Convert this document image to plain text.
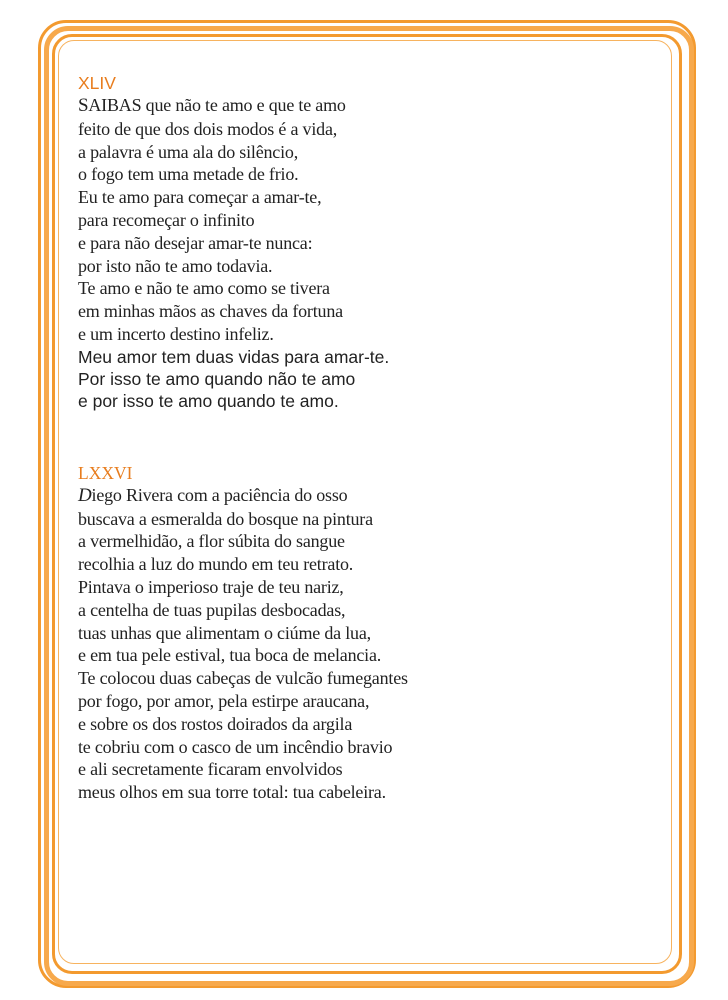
XLIV
SAIBAS que não te amo e que te amo
feito de que dos dois modos é a vida,
a palavra é uma ala do silêncio,
o fogo tem uma metade de frio.
Eu te amo para começar a amar-te,
para recomeçar o infinito
e para não desejar amar-te nunca:
por isto não te amo todavia.
Te amo e não te amo como se tivera
em minhas mãos as chaves da fortuna
e um incerto destino infeliz.
Meu amor tem duas vidas para amar-te.
Por isso te amo quando não te amo
e por isso te amo quando te amo.
LXXVI
Diego Rivera com a paciência do osso
buscava a esmeralda do bosque na pintura
a vermelhidão, a flor súbita do sangue
recolhia a luz do mundo em teu retrato.
Pintava o imperioso traje de teu nariz,
a centelha de tuas pupilas desbocadas,
tuas unhas que alimentam o ciúme da lua,
e em tua pele estival, tua boca de melancia.
Te colocou duas cabeças de vulcão fumegantes
por fogo, por amor, pela estirpe araucana,
e sobre os dos rostos doirados da argila
te cobriu com o casco de um incêndio bravio
e ali secretamente ficaram envolvidos
meus olhos em sua torre total: tua cabeleira.
